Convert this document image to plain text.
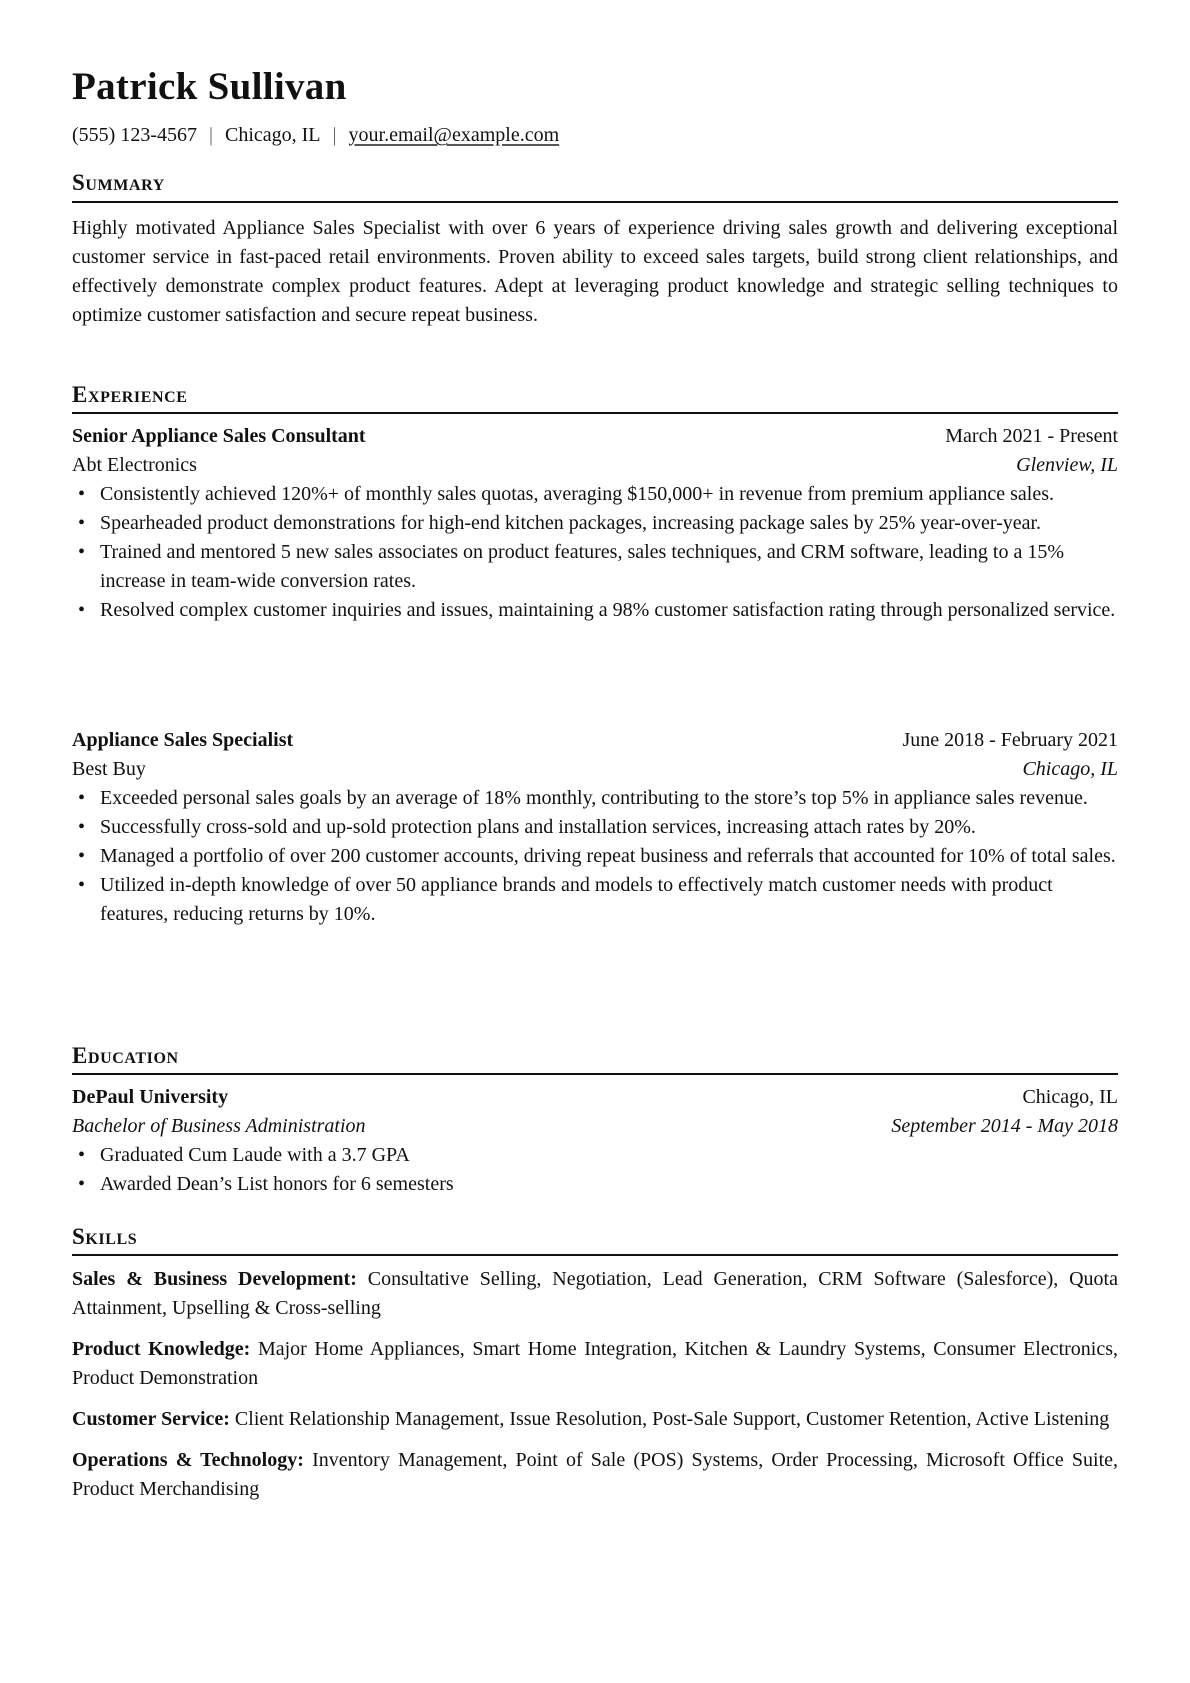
Patrick Sullivan
(555) 123-4567 | Chicago, IL | your.email@example.com
Summary
Highly motivated Appliance Sales Specialist with over 6 years of experience driving sales growth and delivering exceptional customer service in fast-paced retail environments. Proven ability to exceed sales targets, build strong client relationships, and effectively demonstrate complex product features. Adept at leveraging product knowledge and strategic selling techniques to optimize customer satisfaction and secure repeat business.
Experience
Senior Appliance Sales Consultant	March 2021 - Present
Abt Electronics	Glenview, IL
• Consistently achieved 120%+ of monthly sales quotas, averaging $150,000+ in revenue from premium appliance sales.
• Spearheaded product demonstrations for high-end kitchen packages, increasing package sales by 25% year-over-year.
• Trained and mentored 5 new sales associates on product features, sales techniques, and CRM software, leading to a 15% increase in team-wide conversion rates.
• Resolved complex customer inquiries and issues, maintaining a 98% customer satisfaction rating through personalized service.
Appliance Sales Specialist	June 2018 - February 2021
Best Buy	Chicago, IL
• Exceeded personal sales goals by an average of 18% monthly, contributing to the store’s top 5% in appliance sales revenue.
• Successfully cross-sold and up-sold protection plans and installation services, increasing attach rates by 20%.
• Managed a portfolio of over 200 customer accounts, driving repeat business and referrals that accounted for 10% of total sales.
• Utilized in-depth knowledge of over 50 appliance brands and models to effectively match customer needs with product features, reducing returns by 10%.
Education
DePaul University	Chicago, IL
Bachelor of Business Administration	September 2014 - May 2018
• Graduated Cum Laude with a 3.7 GPA
• Awarded Dean’s List honors for 6 semesters
Skills
Sales & Business Development: Consultative Selling, Negotiation, Lead Generation, CRM Software (Salesforce), Quota Attainment, Upselling & Cross-selling
Product Knowledge: Major Home Appliances, Smart Home Integration, Kitchen & Laundry Systems, Consumer Electronics, Product Demonstration
Customer Service: Client Relationship Management, Issue Resolution, Post-Sale Support, Customer Retention, Active Listening
Operations & Technology: Inventory Management, Point of Sale (POS) Systems, Order Processing, Microsoft Office Suite, Product Merchandising
